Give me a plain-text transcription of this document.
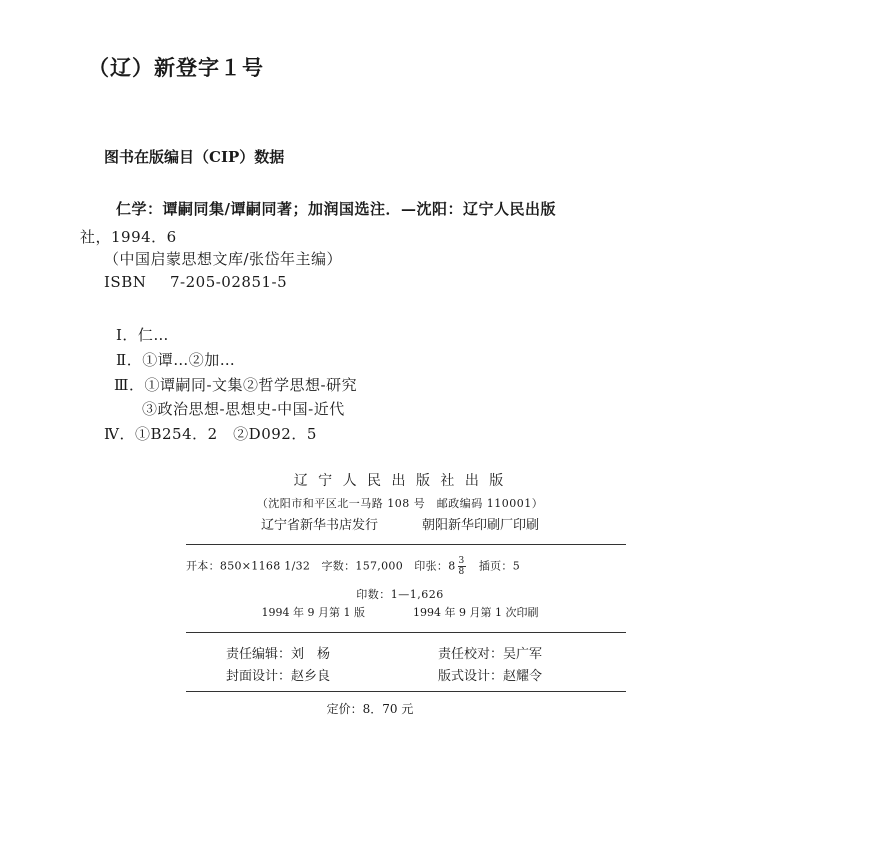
（辽）新登字１号
图书在版编目（CIP）数据
仁学：谭嗣同集/谭嗣同著；加润国选注．—沈阳：辽宁人民出版
社，1994．6
（中国启蒙思想文库/张岱年主编）
ISBN 7-205-02851-5
Ⅰ．仁…
Ⅱ．①谭…②加…
Ⅲ．①谭嗣同-文集②哲学思想-研究
③政治思想-思想史-中国-近代
Ⅳ．①B254．2　②D092．5
辽 宁 人 民 出 版 社 出 版
（沈阳市和平区北一马路 108 号　邮政编码 110001）
辽宁省新华书店发行	朝阳新华印刷厂印刷
开本：850×1168 1/32　字数：157,000　印张：$8 \frac{3}{8}$ 　插页：5
印数：1—1,626
1994 年 9 月第 1 版	1994 年 9 月第 1 次印刷
责任编辑：刘　杨	责任校对：吴广军
封面设计：赵乡良	版式设计：赵耀令
定价：8．70 元
